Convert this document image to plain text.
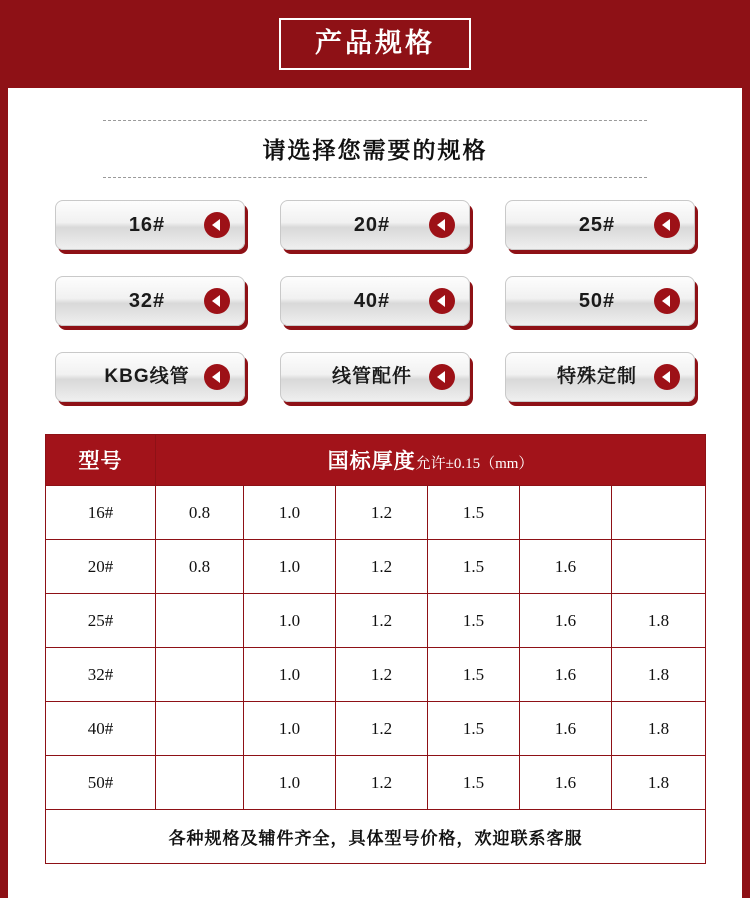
产品规格
请选择您需要的规格
16#	20#	25#
32#	40#	50#
KBG线管	线管配件	特殊定制
型号	国标厚度允许±0.15（mm）					
16#	0.8	1.0	1.2	1.5		
20#	0.8	1.0	1.2	1.5	1.6	
25#		1.0	1.2	1.5	1.6	1.8
32#		1.0	1.2	1.5	1.6	1.8
40#		1.0	1.2	1.5	1.6	1.8
50#		1.0	1.2	1.5	1.6	1.8
各种规格及辅件齐全，具体型号价格，欢迎联系客服						
